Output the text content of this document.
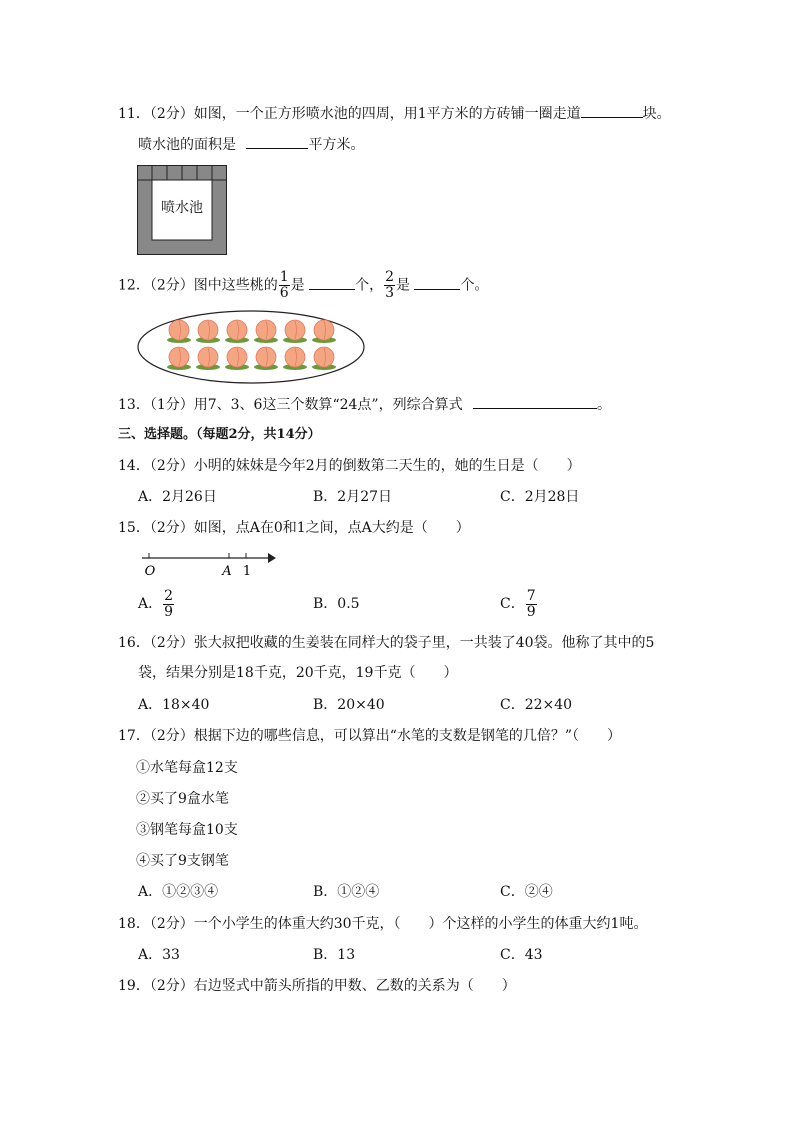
11．（2分）如图，一个正方形喷水池的四周，用1平方米的方砖铺一圈走道	块。
喷水池的面积是	平方米。
喷水池
12．（2分）图中这些桃的 $\frac{1}{6}$ 是	个， $\frac{2}{3}$ 是	个。
13．（1分）用7、3、6这三个数算“24点”，列综合算式	。
三、选择题。（每题2分，共14分）
14．（2分）小明的妹妹是今年2月的倒数第二天生的，她的生日是（　　）
A．2月26日	B．2月27日	C．2月28日
15．（2分）如图，点A在0和1之间，点A大约是（　　）
O	A 1
A． $\frac{2}{9}$	B．0.5	C． $\frac{7}{9}$
16．（2分）张大叔把收藏的生姜装在同样大的袋子里，一共装了40袋。他称了其中的5
袋，结果分别是18千克，20千克，19千克（　　）
A．18×40	B．20×40	C．22×40
17．（2分）根据下边的哪些信息，可以算出“水笔的支数是钢笔的几倍？”（　　）
①水笔每盒12支
②买了9盒水笔
③钢笔每盒10支
④买了9支钢笔
A．①②③④	B．①②④	C．②④
18．（2分）一个小学生的体重大约30千克，（　　）个这样的小学生的体重大约1吨。
A．33	B．13	C．43
19．（2分）右边竖式中箭头所指的甲数、乙数的关系为（　　）
